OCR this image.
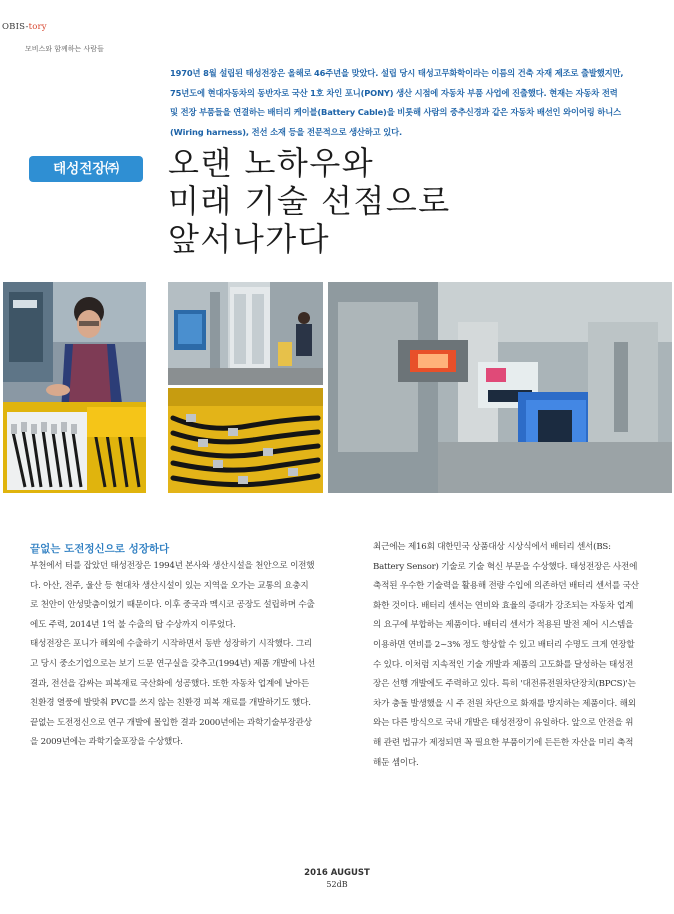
OBIS-tory
모비스와 함께하는 사람들
1970년 8월 설립된 태성전장은 올해로 46주년을 맞았다. 설립 당시 태성고무화학이라는 이름의 건축 자재 제조로 출발했지만, 75년도에 현대자동차의 동반자로 국산 1호 차인 포니(PONY) 생산 시점에 자동차 부품 사업에 진출했다. 현재는 자동차 전력 및 전장 부품들을 연결하는 배터리 케이블(Battery Cable)을 비롯해 사람의 중추신경과 같은 자동차 배선인 와이어링 하니스(Wiring harness), 전선 소재 등을 전문적으로 생산하고 있다.
태성전장㈜	오랜 노하우와
미래 기술 선점으로
앞서나가다
끝없는 도전정신으로 성장하다

부천에서 터를 잡았던 태성전장은 1994년 본사와 생산시설을 천안으로 이전했다. 아산, 전주, 울산 등 현대차 생산시설이 있는 지역을 오가는 교통의 요충지로 천안이 안성맞춤이었기 때문이다. 이후 중국과 멕시코 공장도 설립하며 수출에도 주력, 2014년 1억 불 수출의 탑 수상까지 이루었다.

태성전장은 포니가 해외에 수출하기 시작하면서 동반 성장하기 시작했다. 그리고 당시 중소기업으로는 보기 드문 연구실을 갖추고(1994년) 제품 개발에 나선 결과, 전선을 감싸는 피복재료 국산화에 성공했다. 또한 자동차 업계에 날아든 친환경 열풍에 발맞춰 PVC를 쓰지 않는 친환경 피복 재료를 개발하기도 했다. 끝없는 도전정신으로 연구 개발에 몰입한 결과 2000년에는 과학기술부장관상을 2009년에는 과학기술포장을 수상했다.

최근에는 제16회 대한민국 상품대상 시상식에서 배터리 센서(BS: Battery Sensor) 기술로 기술 혁신 부문을 수상했다. 태성전장은 사전에 축적된 우수한 기술력을 활용해 전량 수입에 의존하던 배터리 센서를 국산화한 것이다. 배터리 센서는 연비와 효율의 증대가 강조되는 자동차 업계의 요구에 부합하는 제품이다. 배터리 센서가 적용된 발전 제어 시스템을 이용하면 연비를 2~3% 정도 향상할 수 있고 배터리 수명도 크게 연장할 수 있다. 이처럼 지속적인 기술 개발과 제품의 고도화를 달성하는 태성전장은 선행 개발에도 주력하고 있다. 특히 '대전류전원차단장치(BPCS)'는 차가 충돌 발생했을 시 주 전원 차단으로 화재를 방지하는 제품이다. 해외와는 다른 방식으로 국내 개발은 태성전장이 유일하다. 앞으로 안전을 위해 관련 법규가 제정되면 꼭 필요한 부품이기에 든든한 자산을 미리 축적해둔 셈이다.

2016 AUGUST
52dB
